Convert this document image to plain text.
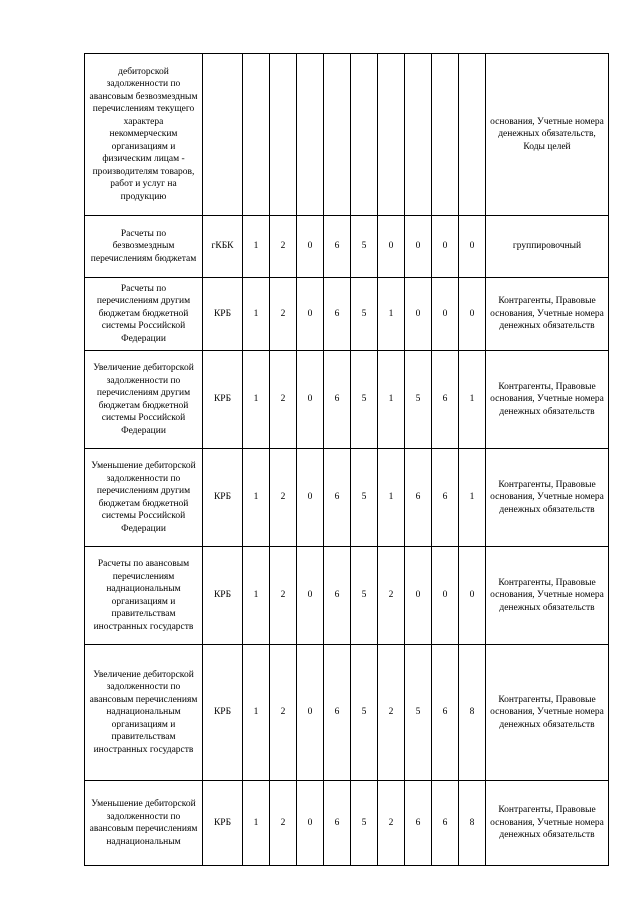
дебиторской задолженности по авансовым безвозмездным перечислениям текущего характера некоммерческим организациям и физическим лицам - производителям товаров, работ и услуг на продукцию											основания, Учетные номера денежных обязательств, Коды целей
Расчеты по безвозмездным перечислениям бюджетам	гКБК	1	2	0	6	5	0	0	0	0	группировочный
Расчеты по перечислениям другим бюджетам бюджетной системы Российской Федерации	КРБ	1	2	0	6	5	1	0	0	0	Контрагенты, Правовые основания, Учетные номера денежных обязательств
Увеличение дебиторской задолженности по перечислениям другим бюджетам бюджетной системы Российской Федерации	КРБ	1	2	0	6	5	1	5	6	1	Контрагенты, Правовые основания, Учетные номера денежных обязательств
Уменьшение дебиторской задолженности по перечислениям другим бюджетам бюджетной системы Российской Федерации	КРБ	1	2	0	6	5	1	6	6	1	Контрагенты, Правовые основания, Учетные номера денежных обязательств
Расчеты по авансовым перечислениям наднациональным организациям и правительствам иностранных государств	КРБ	1	2	0	6	5	2	0	0	0	Контрагенты, Правовые основания, Учетные номера денежных обязательств
Увеличение дебиторской задолженности по авансовым перечислениям наднациональным организациям и правительствам иностранных государств	КРБ	1	2	0	6	5	2	5	6	8	Контрагенты, Правовые основания, Учетные номера денежных обязательств
Уменьшение дебиторской задолженности по авансовым перечислениям наднациональным	КРБ	1	2	0	6	5	2	6	6	8	Контрагенты, Правовые основания, Учетные номера денежных обязательств
